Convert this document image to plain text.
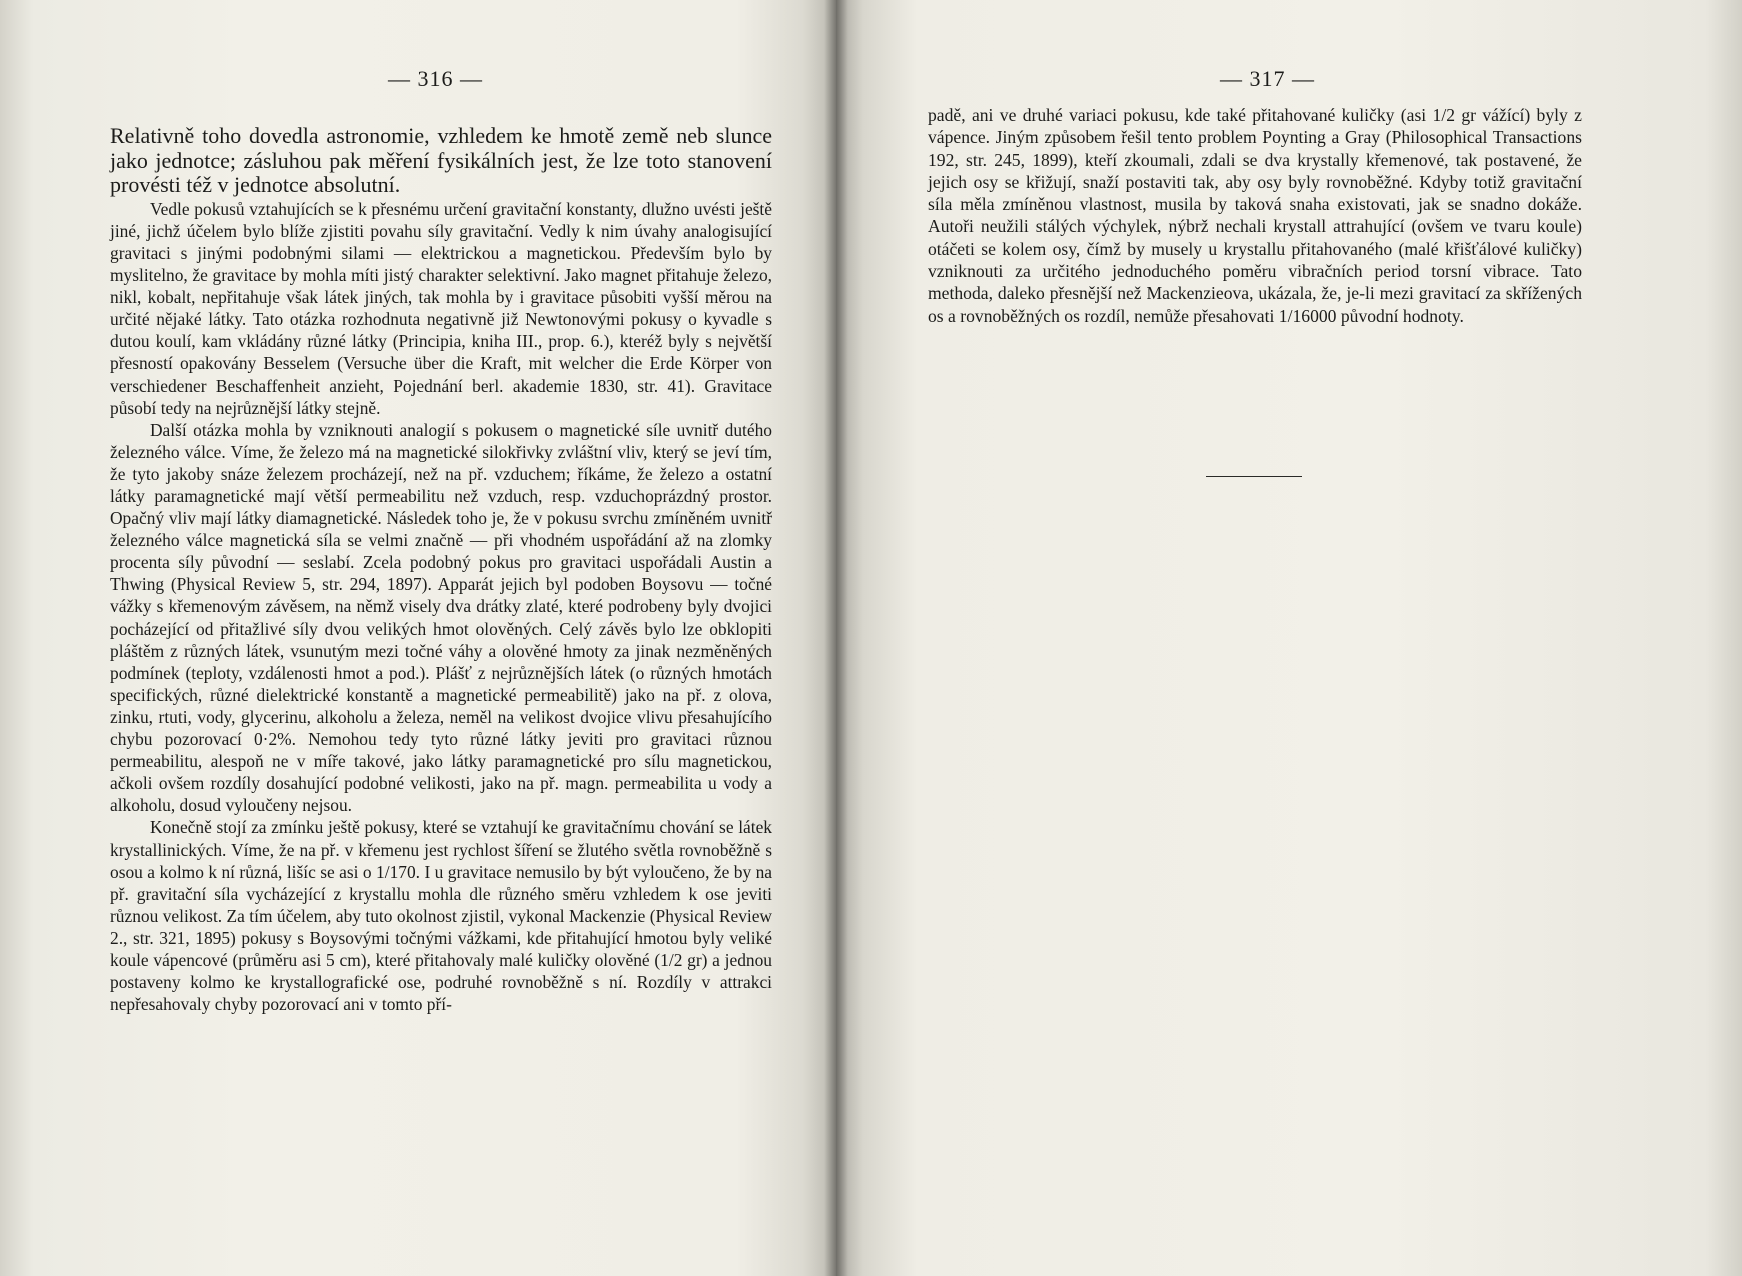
— 316 —

Relativně toho dovedla astronomie, vzhledem ke hmotě země neb slunce jako jednotce; zásluhou pak měření fysikálních jest, že lze toto stanovení provésti též v jednotce absolutní.

Vedle pokusů vztahujících se k přesnému určení gravitační konstanty, dlužno uvésti ještě jiné, jichž účelem bylo blíže zjistiti povahu síly gravitační. Vedly k nim úvahy analogisující gravitaci s jinými podobnými silami — elektrickou a magnetickou. Především bylo by myslitelno, že gravitace by mohla míti jistý charakter selektivní. Jako magnet přitahuje železo, nikl, kobalt, nepřitahuje však látek jiných, tak mohla by i gravitace působiti vyšší měrou na určité nějaké látky. Tato otázka rozhodnuta negativně již Newtonovými pokusy o kyvadle s dutou koulí, kam vkládány různé látky (Principia, kniha III., prop. 6.), kteréž byly s největší přesností opakovány Besselem (Versuche über die Kraft, mit welcher die Erde Körper von verschiedener Beschaffenheit anzieht, Pojednání berl. akademie 1830, str. 41). Gravitace působí tedy na nejrůznější látky stejně.

Další otázka mohla by vzniknouti analogií s pokusem o magnetické síle uvnitř dutého železného válce. Víme, že železo má na magnetické silokřivky zvláštní vliv, který se jeví tím, že tyto jakoby snáze železem procházejí, než na př. vzduchem; říkáme, že železo a ostatní látky paramagnetické mají větší permeabilitu než vzduch, resp. vzduchoprázdný prostor. Opačný vliv mají látky diamagnetické. Následek toho je, že v pokusu svrchu zmíněném uvnitř železného válce magnetická síla se velmi značně — při vhodném uspořádání až na zlomky procenta síly původní — seslabí. Zcela podobný pokus pro gravitaci uspořádali Austin a Thwing (Physical Review 5, str. 294, 1897). Apparát jejich byl podoben Boysovu — točné vážky s křemenovým závěsem, na němž visely dva drátky zlaté, které podrobeny byly dvojici pocházející od přitažlivé síly dvou velikých hmot olověných. Celý závěs bylo lze obklopiti pláštěm z různých látek, vsunutým mezi točné váhy a olověné hmoty za jinak nezměněných podmínek (teploty, vzdálenosti hmot a pod.). Plášť z nejrůznějších látek (o různých hmotách specifických, různé dielektrické konstantě a magnetické permeabilitě) jako na př. z olova, zinku, rtuti, vody, glycerinu, alkoholu a železa, neměl na velikost dvojice vlivu přesahujícího chybu pozorovací 0·2%. Nemohou tedy tyto různé látky jeviti pro gravitaci různou permeabilitu, alespoň ne v míře takové, jako látky paramagnetické pro sílu magnetickou, ačkoli ovšem rozdíly dosahující podobné velikosti, jako na př. magn. permeabilita u vody a alkoholu, dosud vyloučeny nejsou.

Konečně stojí za zmínku ještě pokusy, které se vztahují ke gravitačnímu chování se látek krystallinických. Víme, že na př. v křemenu jest rychlost šíření se žlutého světla rovnoběžně s osou a kolmo k ní různá, lišíc se asi o 1/170. I u gravitace nemusilo by být vyloučeno, že by na př. gravitační síla vycházející z krystallu mohla dle různého směru vzhledem k ose jeviti různou velikost. Za tím účelem, aby tuto okolnost zjistil, vykonal Mackenzie (Physical Review 2., str. 321, 1895) pokusy s Boysovými točnými vážkami, kde přitahující hmotou byly veliké koule vápencové (průměru asi 5 cm), které přitahovaly malé kuličky olověné (1/2 gr) a jednou postaveny kolmo ke krystallografické ose, podruhé rovnoběžně s ní. Rozdíly v attrakci nepřesahovaly chyby pozorovací ani v tomto pří-

— 317 —

padě, ani ve druhé variaci pokusu, kde také přitahované kuličky (asi 1/2 gr vážící) byly z vápence. Jiným způsobem řešil tento problem Poynting a Gray (Philosophical Transactions 192, str. 245, 1899), kteří zkoumali, zdali se dva krystally křemenové, tak postavené, že jejich osy se křižují, snaží postaviti tak, aby osy byly rovnoběžné. Kdyby totiž gravitační síla měla zmíněnou vlastnost, musila by taková snaha existovati, jak se snadno dokáže. Autoři neužili stálých výchylek, nýbrž nechali krystall attrahující (ovšem ve tvaru koule) otáčeti se kolem osy, čímž by musely u krystallu přitahovaného (malé křišťálové kuličky) vzniknouti za určitého jednoduchého poměru vibračních period torsní vibrace. Tato methoda, daleko přesnější než Mackenzieova, ukázala, že, je-li mezi gravitací za skřížených os a rovnoběžných os rozdíl, nemůže přesahovati 1/16000 původní hodnoty.
